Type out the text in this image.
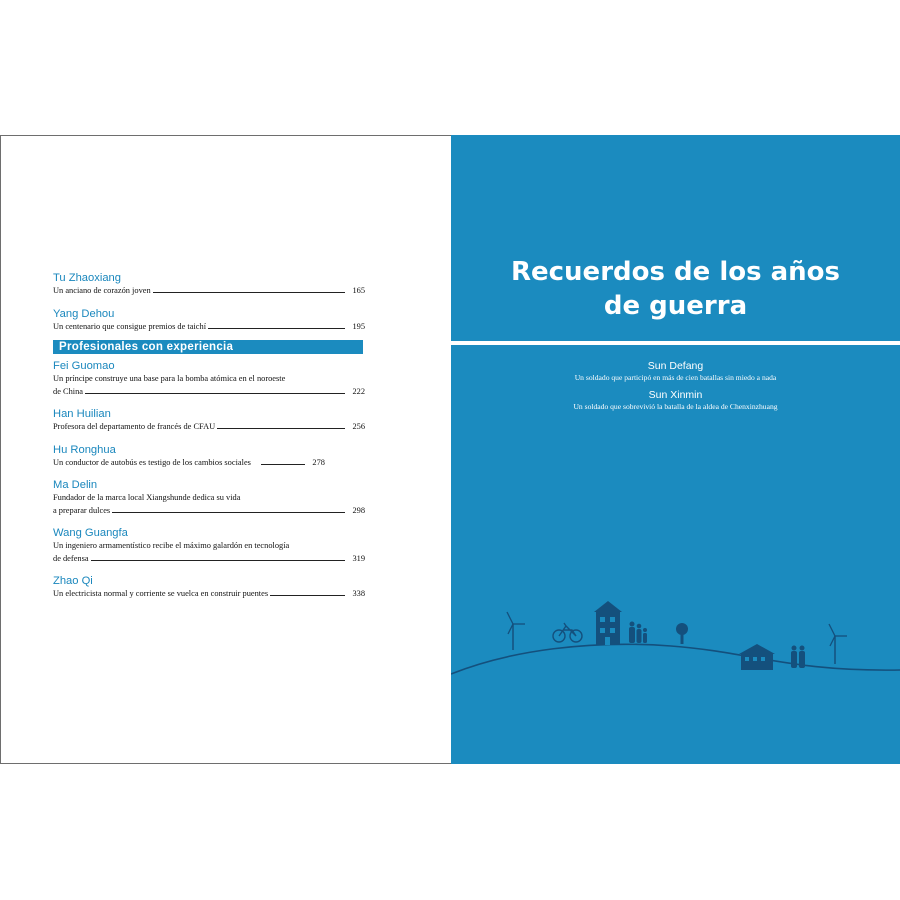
Tu Zhaoxiang
Un anciano de corazón joven	165
Yang Dehou
Un centenario que consigue premios de taichí	195
Profesionales con experiencia
Fei Guomao
Un príncipe construye una base para la bomba atómica en el noroeste
de China	222
Han Huilian
Profesora del departamento de francés de CFAU	256
Hu Ronghua
Un conductor de autobús es testigo de los cambios sociales	278
Ma Delin
Fundador de la marca local Xiangshunde dedica su vida
a preparar dulces	298
Wang Guangfa
Un ingeniero armamentístico recibe el máximo galardón en tecnología
de defensa	319
Zhao Qi
Un electricista normal y corriente se vuelca en construir puentes	338
Recuerdos de los años
de guerra
Sun Defang
Un soldado que participó en más de cien batallas sin miedo a nada
Sun Xinmin
Un soldado que sobrevivió la batalla de la aldea de Chenxinzhuang
